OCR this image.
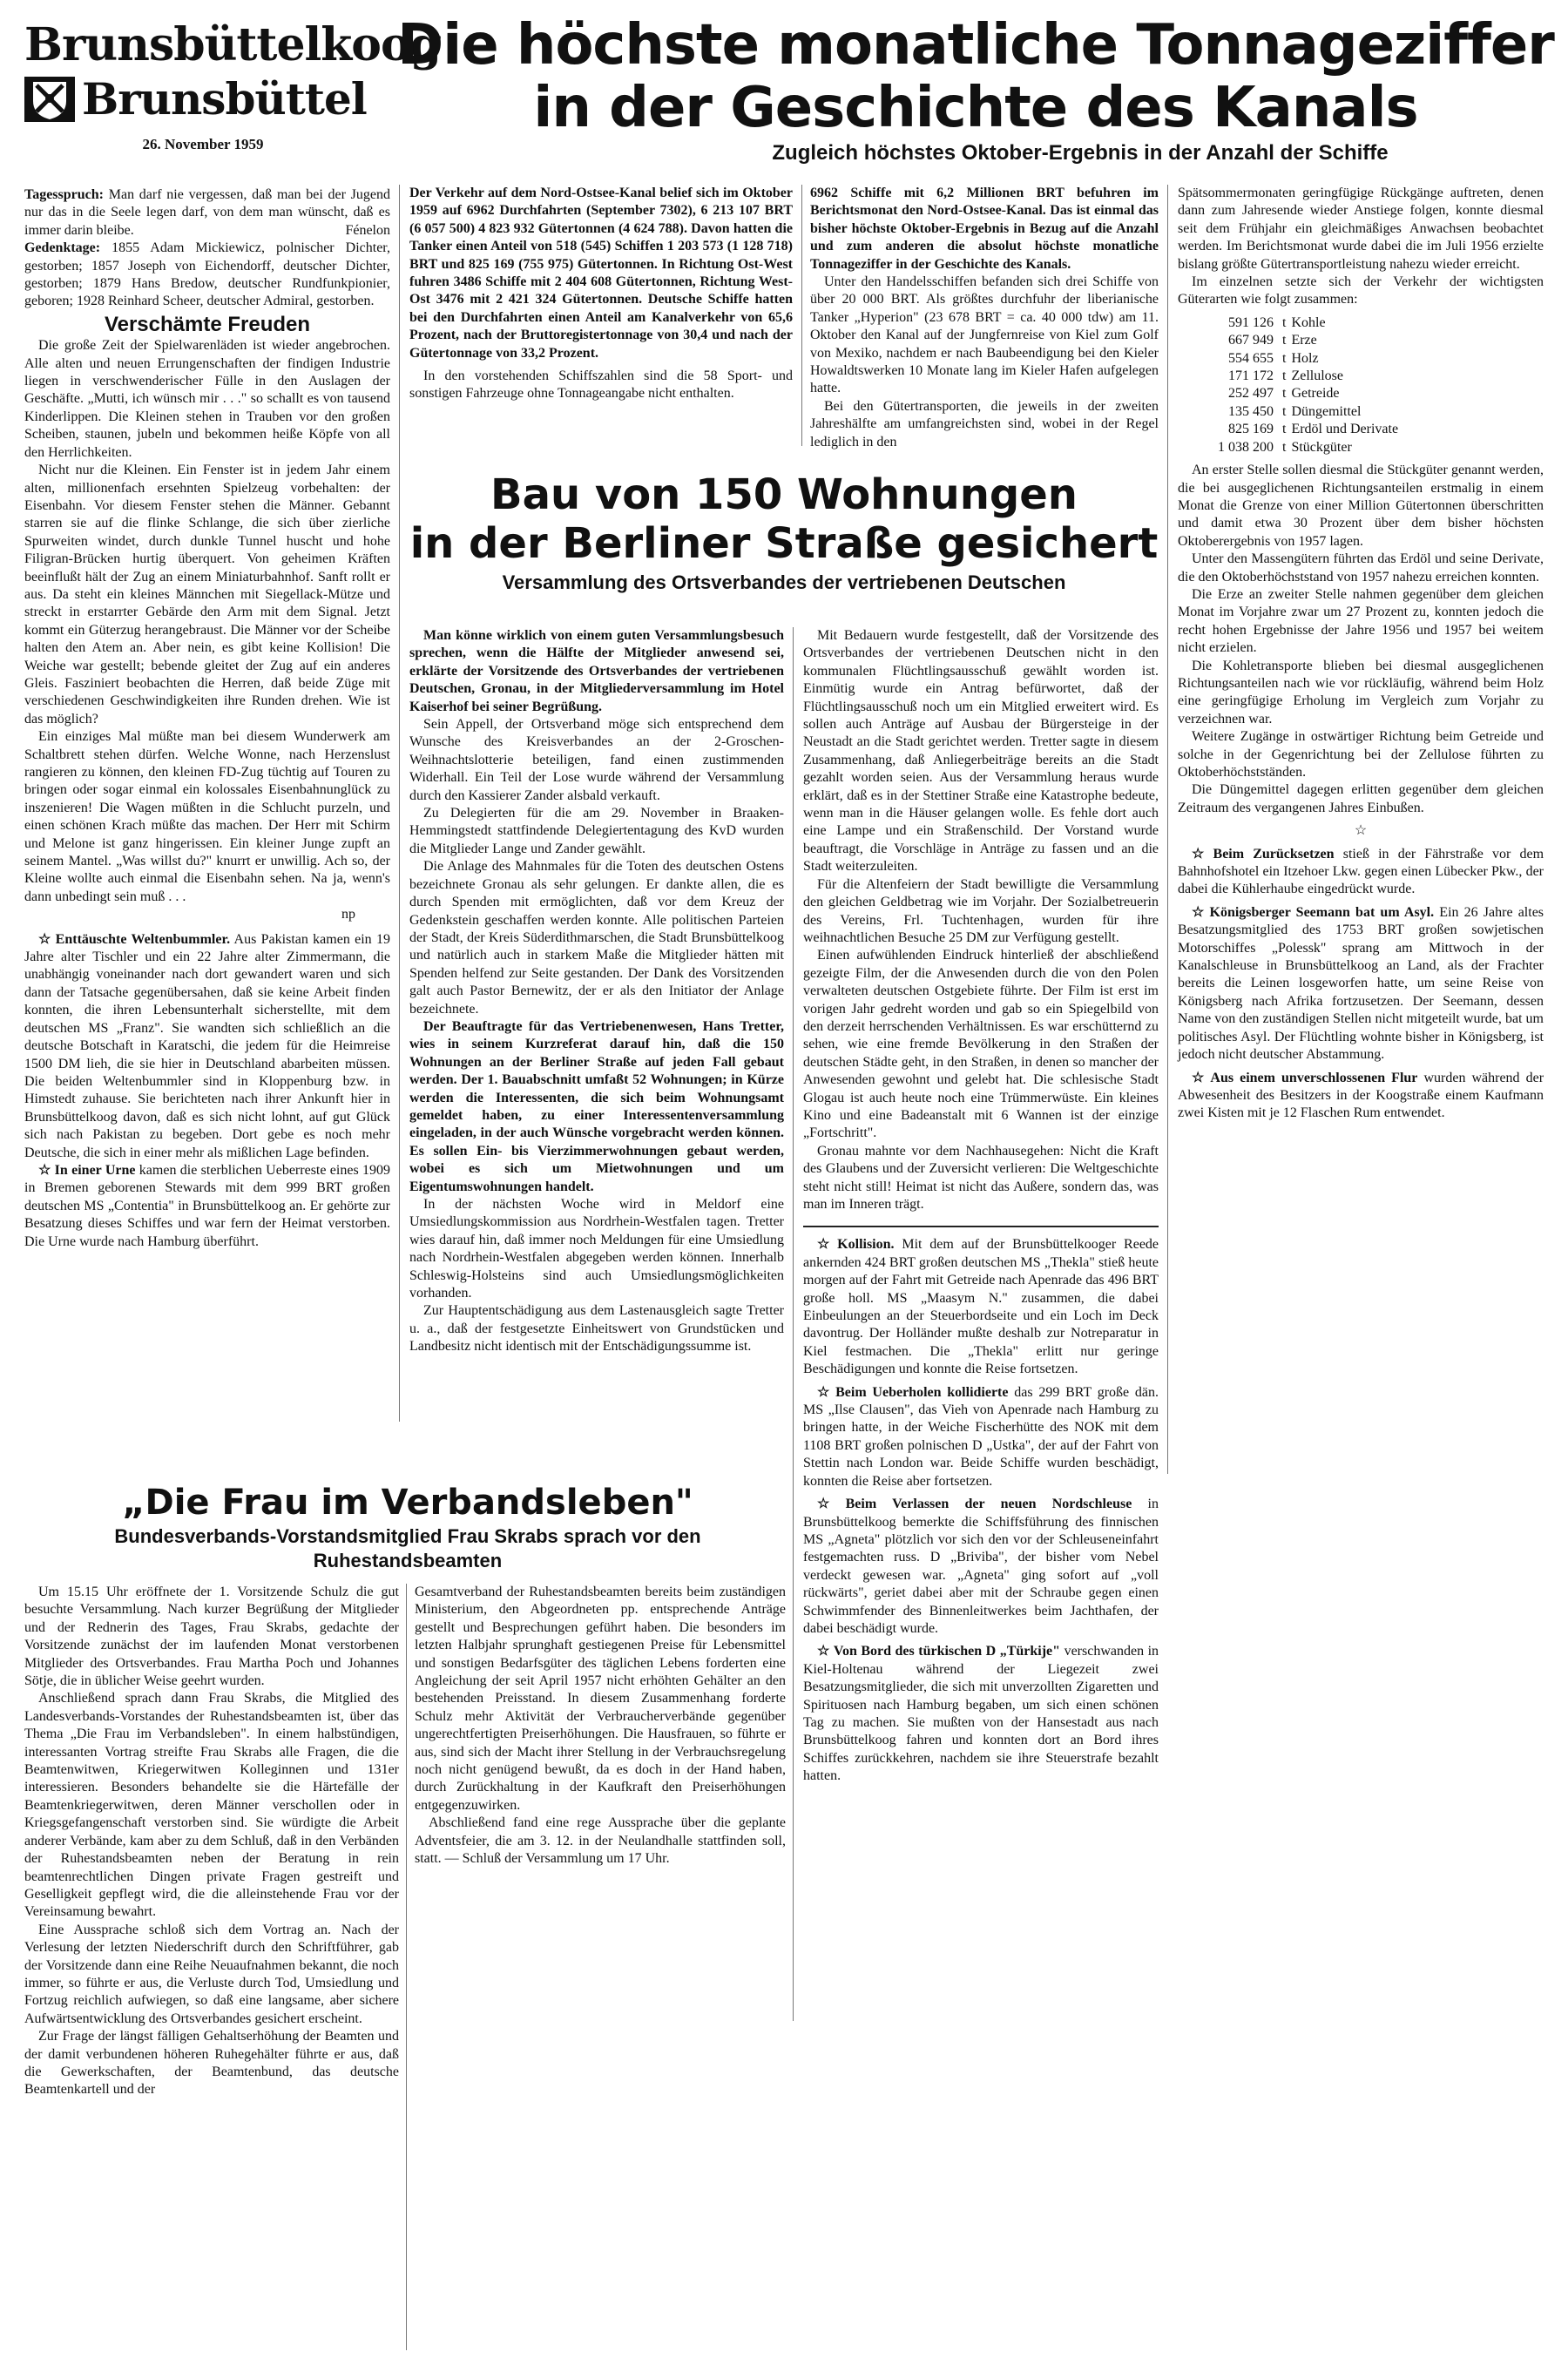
Brunsbüttelkoog
Brunsbüttel
26. November 1959
Die höchste monatliche Tonnageziffer
in der Geschichte des Kanals
Zugleich höchstes Oktober-Ergebnis in der Anzahl der Schiffe

Tagesspruch: Man darf nie vergessen, daß man bei der Jugend nur das in die Seele legen darf, von dem man wünscht, daß es immer darin bleibe.	Fénelon

Gedenktage: 1855 Adam Mickiewicz, polnischer Dichter, gestorben; 1857 Joseph von Eichendorff, deutscher Dichter, gestorben; 1879 Hans Bredow, deutscher Rundfunkpionier, geboren; 1928 Reinhard Scheer, deutscher Admiral, gestorben.

Verschämte Freuden

Die große Zeit der Spielwarenläden ist wieder angebrochen. Alle alten und neuen Errungenschaften der findigen Industrie liegen in verschwenderischer Fülle in den Auslagen der Geschäfte. „Mutti, ich wünsch mir . . ." so schallt es von tausend Kinderlippen. Die Kleinen stehen in Trauben vor den großen Scheiben, staunen, jubeln und bekommen heiße Köpfe von all den Herrlichkeiten.

Nicht nur die Kleinen. Ein Fenster ist in jedem Jahr einem alten, millionenfach ersehnten Spielzeug vorbehalten: der Eisenbahn. Vor diesem Fenster stehen die Männer. Gebannt starren sie auf die flinke Schlange, die sich über zierliche Spurweiten windet, durch dunkle Tunnel huscht und hohe Filigran-Brücken hurtig überquert. Von geheimen Kräften beeinflußt hält der Zug an einem Miniaturbahnhof. Sanft rollt er aus. Da steht ein kleines Männchen mit Siegellack-Mütze und streckt in erstarrter Gebärde den Arm mit dem Signal. Jetzt kommt ein Güterzug herangebraust. Die Männer vor der Scheibe halten den Atem an. Aber nein, es gibt keine Kollision! Die Weiche war gestellt; bebende gleitet der Zug auf ein anderes Gleis. Fasziniert beobachten die Herren, daß beide Züge mit verschiedenen Geschwindigkeiten ihre Runden drehen. Wie ist das möglich?

Ein einziges Mal müßte man bei diesem Wunderwerk am Schaltbrett stehen dürfen. Welche Wonne, nach Herzenslust rangieren zu können, den kleinen FD-Zug tüchtig auf Touren zu bringen oder sogar einmal ein kolossales Eisenbahnunglück zu inszenieren! Die Wagen müßten in die Schlucht purzeln, und einen schönen Krach müßte das machen. Der Herr mit Schirm und Melone ist ganz hingerissen. Ein kleiner Junge zupft an seinem Mantel. „Was willst du?" knurrt er unwillig. Ach so, der Kleine wollte auch einmal die Eisenbahn sehen. Na ja, wenn's dann unbedingt sein muß . . .

np

☆ Enttäuschte Weltenbummler. Aus Pakistan kamen ein 19 Jahre alter Tischler und ein 22 Jahre alter Zimmermann, die unabhängig voneinander nach dort gewandert waren und sich dann der Tatsache gegenübersahen, daß sie keine Arbeit finden konnten, die ihren Lebensunterhalt sicherstellte, mit dem deutschen MS „Franz". Sie wandten sich schließlich an die deutsche Botschaft in Karatschi, die jedem für die Heimreise 1500 DM lieh, die sie hier in Deutschland abarbeiten müssen. Die beiden Weltenbummler sind in Kloppenburg bzw. in Himstedt zuhause. Sie berichteten nach ihrer Ankunft hier in Brunsbüttelkoog davon, daß es sich nicht lohnt, auf gut Glück sich nach Pakistan zu begeben. Dort gebe es noch mehr Deutsche, die sich in einer mehr als mißlichen Lage befinden.

☆ In einer Urne kamen die sterblichen Ueberreste eines 1909 in Bremen geborenen Stewards mit dem 999 BRT großen deutschen MS „Contentia" in Brunsbüttelkoog an. Er gehörte zur Besatzung dieses Schiffes und war fern der Heimat verstorben. Die Urne wurde nach Hamburg überführt.

Der Verkehr auf dem Nord-Ostsee-Kanal belief sich im Oktober 1959 auf 6962 Durchfahrten (September 7302), 6 213 107 BRT (6 057 500) 4 823 932 Gütertonnen (4 624 788). Davon hatten die Tanker einen Anteil von 518 (545) Schiffen 1 203 573 (1 128 718) BRT und 825 169 (755 975) Gütertonnen. In Richtung Ost-West fuhren 3486 Schiffe mit 2 404 608 Gütertonnen, Richtung West-Ost 3476 mit 2 421 324 Gütertonnen. Deutsche Schiffe hatten bei den Durchfahrten einen Anteil am Kanalverkehr von 65,6 Prozent, nach der Bruttoregistertonnage von 30,4 und nach der Gütertonnage von 33,2 Prozent.

In den vorstehenden Schiffszahlen sind die 58 Sport- und sonstigen Fahrzeuge ohne Tonnageangabe nicht enthalten.

6962 Schiffe mit 6,2 Millionen BRT befuhren im Berichtsmonat den Nord-Ostsee-Kanal. Das ist einmal das bisher höchste Oktober-Ergebnis in Bezug auf die Anzahl und zum anderen die absolut höchste monatliche Tonnageziffer in der Geschichte des Kanals.

Unter den Handelsschiffen befanden sich drei Schiffe von über 20 000 BRT. Als größtes durchfuhr der liberianische Tanker „Hyperion" (23 678 BRT = ca. 40 000 tdw) am 11. Oktober den Kanal auf der Jungfernreise von Kiel zum Golf von Mexiko, nachdem er nach Baubeendigung bei den Kieler Howaldtswerken 10 Monate lang im Kieler Hafen aufgelegen hatte.

Bei den Gütertransporten, die jeweils in der zweiten Jahreshälfte am umfangreichsten sind, wobei in der Regel lediglich in den

Spätsommermonaten geringfügige Rückgänge auftreten, denen dann zum Jahresende wieder Anstiege folgen, konnte diesmal seit dem Frühjahr ein gleichmäßiges Anwachsen beobachtet werden. Im Berichtsmonat wurde dabei die im Juli 1956 erzielte bislang größte Gütertransportleistung nahezu wieder erreicht.

Im einzelnen setzte sich der Verkehr der wichtigsten Güterarten wie folgt zusammen:

591 126	t	Kohle
667 949	t	Erze
554 655	t	Holz
171 172	t	Zellulose
252 497	t	Getreide
135 450	t	Düngemittel
825 169	t	Erdöl und Derivate
1 038 200	t	Stückgüter

An erster Stelle sollen diesmal die Stückgüter genannt werden, die bei ausgeglichenen Richtungsanteilen erstmalig in einem Monat die Grenze von einer Million Gütertonnen überschritten und damit etwa 30 Prozent über dem bisher höchsten Oktoberergebnis von 1957 lagen.

Unter den Massengütern führten das Erdöl und seine Derivate, die den Oktoberhöchststand von 1957 nahezu erreichen konnten.

Die Erze an zweiter Stelle nahmen gegenüber dem gleichen Monat im Vorjahre zwar um 27 Prozent zu, konnten jedoch die recht hohen Ergebnisse der Jahre 1956 und 1957 bei weitem nicht erzielen.

Die Kohletransporte blieben bei diesmal ausgeglichenen Richtungsanteilen nach wie vor rückläufig, während beim Holz eine geringfügige Erholung im Vergleich zum Vorjahr zu verzeichnen war.

Weitere Zugänge in ostwärtiger Richtung beim Getreide und solche in der Gegenrichtung bei der Zellulose führten zu Oktoberhöchstständen.

Die Düngemittel dagegen erlitten gegenüber dem gleichen Zeitraum des vergangenen Jahres Einbußen.

☆

☆ Beim Zurücksetzen stieß in der Fährstraße vor dem Bahnhofshotel ein Itzehoer Lkw. gegen einen Lübecker Pkw., der dabei die Kühlerhaube eingedrückt wurde.

☆ Königsberger Seemann bat um Asyl. Ein 26 Jahre altes Besatzungsmitglied des 1753 BRT großen sowjetischen Motorschiffes „Polessk" sprang am Mittwoch in der Kanalschleuse in Brunsbüttelkoog an Land, als der Frachter bereits die Leinen losgeworfen hatte, um seine Reise von Königsberg nach Afrika fortzusetzen. Der Seemann, dessen Name von den zuständigen Stellen nicht mitgeteilt wurde, bat um politisches Asyl. Der Flüchtling wohnte bisher in Königsberg, ist jedoch nicht deutscher Abstammung.

☆ Aus einem unverschlossenen Flur wurden während der Abwesenheit des Besitzers in der Koogstraße einem Kaufmann zwei Kisten mit je 12 Flaschen Rum entwendet.

Bau von 150 Wohnungen
in der Berliner Straße gesichert
Versammlung des Ortsverbandes der vertriebenen Deutschen

Man könne wirklich von einem guten Versammlungsbesuch sprechen, wenn die Hälfte der Mitglieder anwesend sei, erklärte der Vorsitzende des Ortsverbandes der vertriebenen Deutschen, Gronau, in der Mitgliederversammlung im Hotel Kaiserhof bei seiner Begrüßung.

Sein Appell, der Ortsverband möge sich entsprechend dem Wunsche des Kreisverbandes an der 2-Groschen-Weihnachtslotterie beteiligen, fand einen zustimmenden Widerhall. Ein Teil der Lose wurde während der Versammlung durch den Kassierer Zander alsbald verkauft.

Zu Delegierten für die am 29. November in Braaken-Hemmingstedt stattfindende Delegiertentagung des KvD wurden die Mitglieder Lange und Zander gewählt.

Die Anlage des Mahnmales für die Toten des deutschen Ostens bezeichnete Gronau als sehr gelungen. Er dankte allen, die es durch Spenden mit ermöglichten, daß vor dem Kreuz der Gedenkstein geschaffen werden konnte. Alle politischen Parteien der Stadt, der Kreis Süderdithmarschen, die Stadt Brunsbüttelkoog und natürlich auch in starkem Maße die Mitglieder hätten mit Spenden helfend zur Seite gestanden. Der Dank des Vorsitzenden galt auch Pastor Bernewitz, der er als den Initiator der Anlage bezeichnete.

Der Beauftragte für das Vertriebenenwesen, Hans Tretter, wies in seinem Kurzreferat darauf hin, daß die 150 Wohnungen an der Berliner Straße auf jeden Fall gebaut werden. Der 1. Bauabschnitt umfaßt 52 Wohnungen; in Kürze werden die Interessenten, die sich beim Wohnungsamt gemeldet haben, zu einer Interessentenversammlung eingeladen, in der auch Wünsche vorgebracht werden können. Es sollen Ein- bis Vierzimmerwohnungen gebaut werden, wobei es sich um Mietwohnungen und um Eigentumswohnungen handelt.

In der nächsten Woche wird in Meldorf eine Umsiedlungskommission aus Nordrhein-Westfalen tagen. Tretter wies darauf hin, daß immer noch Meldungen für eine Umsiedlung nach Nordrhein-Westfalen abgegeben werden können. Innerhalb Schleswig-Holsteins sind auch Umsiedlungsmöglichkeiten vorhanden.

Zur Hauptentschädigung aus dem Lastenausgleich sagte Tretter u. a., daß der festgesetzte Einheitswert von Grundstücken und Landbesitz nicht identisch mit der Entschädigungssumme ist.

Mit Bedauern wurde festgestellt, daß der Vorsitzende des Ortsverbandes der vertriebenen Deutschen nicht in den kommunalen Flüchtlingsausschuß gewählt worden ist. Einmütig wurde ein Antrag befürwortet, daß der Flüchtlingsausschuß noch um ein Mitglied erweitert wird. Es sollen auch Anträge auf Ausbau der Bürgersteige in der Neustadt an die Stadt gerichtet werden. Tretter sagte in diesem Zusammenhang, daß Anliegerbeiträge bereits an die Stadt gezahlt worden seien. Aus der Versammlung heraus wurde erklärt, daß es in der Stettiner Straße eine Katastrophe bedeute, wenn man in die Häuser gelangen wolle. Es fehle dort auch eine Lampe und ein Straßenschild. Der Vorstand wurde beauftragt, die Vorschläge in Anträge zu fassen und an die Stadt weiterzuleiten.

Für die Altenfeiern der Stadt bewilligte die Versammlung den gleichen Geldbetrag wie im Vorjahr. Der Sozialbetreuerin des Vereins, Frl. Tuchtenhagen, wurden für ihre weihnachtlichen Besuche 25 DM zur Verfügung gestellt.

Einen aufwühlenden Eindruck hinterließ der abschließend gezeigte Film, der die Anwesenden durch die von den Polen verwalteten deutschen Ostgebiete führte. Der Film ist erst im vorigen Jahr gedreht worden und gab so ein Spiegelbild von den derzeit herrschenden Verhältnissen. Es war erschütternd zu sehen, wie eine fremde Bevölkerung in den Straßen der deutschen Städte geht, in den Straßen, in denen so mancher der Anwesenden gewohnt und gelebt hat. Die schlesische Stadt Glogau ist auch heute noch eine Trümmerwüste. Ein kleines Kino und eine Badeanstalt mit 6 Wannen ist der einzige „Fortschritt".

Gronau mahnte vor dem Nachhausegehen: Nicht die Kraft des Glaubens und der Zuversicht verlieren: Die Weltgeschichte steht nicht still! Heimat ist nicht das Außere, sondern das, was man im Inneren trägt.

☆ Kollision. Mit dem auf der Brunsbüttelkooger Reede ankernden 424 BRT großen deutschen MS „Thekla" stieß heute morgen auf der Fahrt mit Getreide nach Apenrade das 496 BRT große holl. MS „Maasym N." zusammen, die dabei Einbeulungen an der Steuerbordseite und ein Loch im Deck davontrug. Der Holländer mußte deshalb zur Notreparatur in Kiel festmachen. Die „Thekla" erlitt nur geringe Beschädigungen und konnte die Reise fortsetzen.

☆ Beim Ueberholen kollidierte das 299 BRT große dän. MS „Ilse Clausen", das Vieh von Apenrade nach Hamburg zu bringen hatte, in der Weiche Fischerhütte des NOK mit dem 1108 BRT großen polnischen D „Ustka", der auf der Fahrt von Stettin nach London war. Beide Schiffe wurden beschädigt, konnten die Reise aber fortsetzen.

☆ Beim Verlassen der neuen Nordschleuse in Brunsbüttelkoog bemerkte die Schiffsführung des finnischen MS „Agneta" plötzlich vor sich den vor der Schleuseneinfahrt festgemachten russ. D „Briviba", der bisher vom Nebel verdeckt gewesen war. „Agneta" ging sofort auf „voll rückwärts", geriet dabei aber mit der Schraube gegen einen Schwimmfender des Binnenleitwerkes beim Jachthafen, der dabei beschädigt wurde.

☆ Von Bord des türkischen D „Türkije" verschwanden in Kiel-Holtenau während der Liegezeit zwei Besatzungsmitglieder, die sich mit unverzollten Zigaretten und Spirituosen nach Hamburg begaben, um sich einen schönen Tag zu machen. Sie mußten von der Hansestadt aus nach Brunsbüttelkoog fahren und konnten dort an Bord ihres Schiffes zurückkehren, nachdem sie ihre Steuerstrafe bezahlt hatten.

„Die Frau im Verbandsleben"
Bundesverbands-Vorstandsmitglied Frau Skrabs sprach vor den
Ruhestandsbeamten

Um 15.15 Uhr eröffnete der 1. Vorsitzende Schulz die gut besuchte Versammlung. Nach kurzer Begrüßung der Mitglieder und der Rednerin des Tages, Frau Skrabs, gedachte der Vorsitzende zunächst der im laufenden Monat verstorbenen Mitglieder des Ortsverbandes. Frau Martha Poch und Johannes Sötje, die in üblicher Weise geehrt wurden.

Anschließend sprach dann Frau Skrabs, die Mitglied des Landesverbands-Vorstandes der Ruhestandsbeamten ist, über das Thema „Die Frau im Verbandsleben". In einem halbstündigen, interessanten Vortrag streifte Frau Skrabs alle Fragen, die die Beamtenwitwen, Kriegerwitwen Kolleginnen und 131er interessieren. Besonders behandelte sie die Härtefälle der Beamtenkriegerwitwen, deren Männer verschollen oder in Kriegsgefangenschaft verstorben sind. Sie würdigte die Arbeit anderer Verbände, kam aber zu dem Schluß, daß in den Verbänden der Ruhestandsbeamten neben der Beratung in rein beamtenrechtlichen Dingen private Fragen gestreift und Geselligkeit gepflegt wird, die die alleinstehende Frau vor der Vereinsamung bewahrt.

Eine Aussprache schloß sich dem Vortrag an. Nach der Verlesung der letzten Niederschrift durch den Schriftführer, gab der Vorsitzende dann eine Reihe Neuaufnahmen bekannt, die noch immer, so führte er aus, die Verluste durch Tod, Umsiedlung und Fortzug reichlich aufwiegen, so daß eine langsame, aber sichere Aufwärtsentwicklung des Ortsverbandes gesichert erscheint.

Zur Frage der längst fälligen Gehaltserhöhung der Beamten und der damit verbundenen höheren Ruhegehälter führte er aus, daß die Gewerkschaften, der Beamtenbund, das deutsche Beamtenkartell und der

Gesamtverband der Ruhestandsbeamten bereits beim zuständigen Ministerium, den Abgeordneten pp. entsprechende Anträge gestellt und Besprechungen geführt haben. Die besonders im letzten Halbjahr sprunghaft gestiegenen Preise für Lebensmittel und sonstigen Bedarfsgüter des täglichen Lebens forderten eine Angleichung der seit April 1957 nicht erhöhten Gehälter an den bestehenden Preisstand. In diesem Zusammenhang forderte Schulz mehr Aktivität der Verbraucherverbände gegenüber ungerechtfertigten Preiserhöhungen. Die Hausfrauen, so führte er aus, sind sich der Macht ihrer Stellung in der Verbrauchsregelung noch nicht genügend bewußt, da es doch in der Hand haben, durch Zurückhaltung in der Kaufkraft den Preiserhöhungen entgegenzuwirken.

Abschließend fand eine rege Aussprache über die geplante Adventsfeier, die am 3. 12. in der Neulandhalle stattfinden soll, statt. — Schluß der Versammlung um 17 Uhr.
